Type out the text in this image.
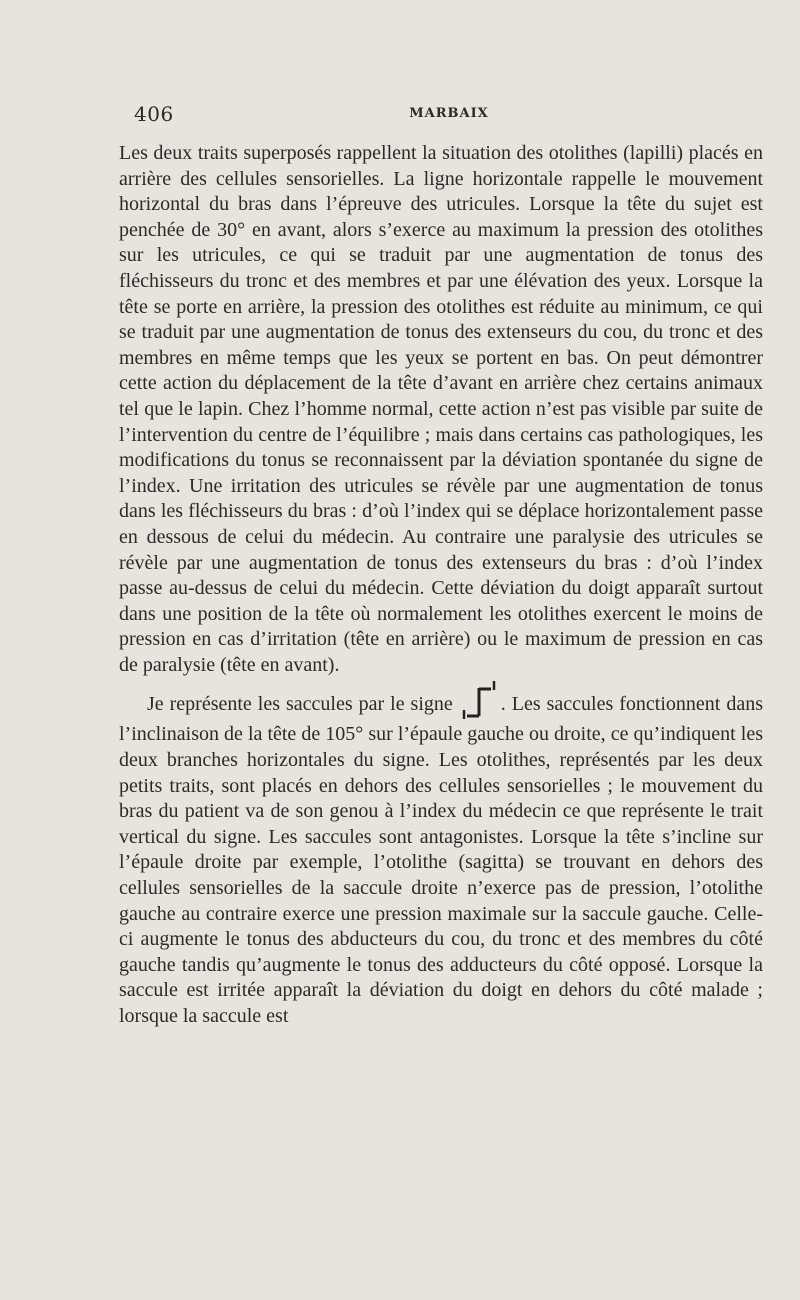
406	MARBAIX

Les deux traits superposés rappellent la situation des otolithes (lapilli) placés en arrière des cellules sensorielles. La ligne horizontale rappelle le mouvement horizontal du bras dans l’épreuve des utricules. Lorsque la tête du sujet est penchée de 30° en avant, alors s’exerce au maximum la pression des otolithes sur les utricules, ce qui se traduit par une augmentation de tonus des fléchisseurs du tronc et des membres et par une élévation des yeux. Lorsque la tête se porte en arrière, la pression des otolithes est réduite au minimum, ce qui se traduit par une augmentation de tonus des extenseurs du cou, du tronc et des membres en même temps que les yeux se portent en bas. On peut démontrer cette action du déplacement de la tête d’avant en arrière chez certains animaux tel que le lapin. Chez l’homme normal, cette action n’est pas visible par suite de l’intervention du centre de l’équilibre ; mais dans certains cas pathologiques, les modifications du tonus se reconnaissent par la déviation spontanée du signe de l’index. Une irritation des utricules se révèle par une augmentation de tonus dans les fléchisseurs du bras : d’où l’index qui se déplace horizontalement passe en dessous de celui du médecin. Au contraire une paralysie des utricules se révèle par une augmentation de tonus des extenseurs du bras : d’où l’index passe au-dessus de celui du médecin. Cette déviation du doigt apparaît surtout dans une position de la tête où normalement les otolithes exercent le moins de pression en cas d’irritation (tête en arrière) ou le maximum de pression en cas de paralysie (tête en avant).

Je représente les saccules par le signe . Les saccules fonctionnent dans l’inclinaison de la tête de 105° sur l’épaule gauche ou droite, ce qu’indiquent les deux branches horizontales du signe. Les otolithes, représentés par les deux petits traits, sont placés en dehors des cellules sensorielles ; le mouvement du bras du patient va de son genou à l’index du médecin ce que représente le trait vertical du signe. Les saccules sont antagonistes. Lorsque la tête s’incline sur l’épaule droite par exemple, l’otolithe (sagitta) se trouvant en dehors des cellules sensorielles de la saccule droite n’exerce pas de pression, l’otolithe gauche au contraire exerce une pression maximale sur la saccule gauche. Celle-ci augmente le tonus des abducteurs du cou, du tronc et des membres du côté gauche tandis qu’augmente le tonus des adducteurs du côté opposé. Lorsque la saccule est irritée apparaît la déviation du doigt en dehors du côté malade ; lorsque la saccule est
